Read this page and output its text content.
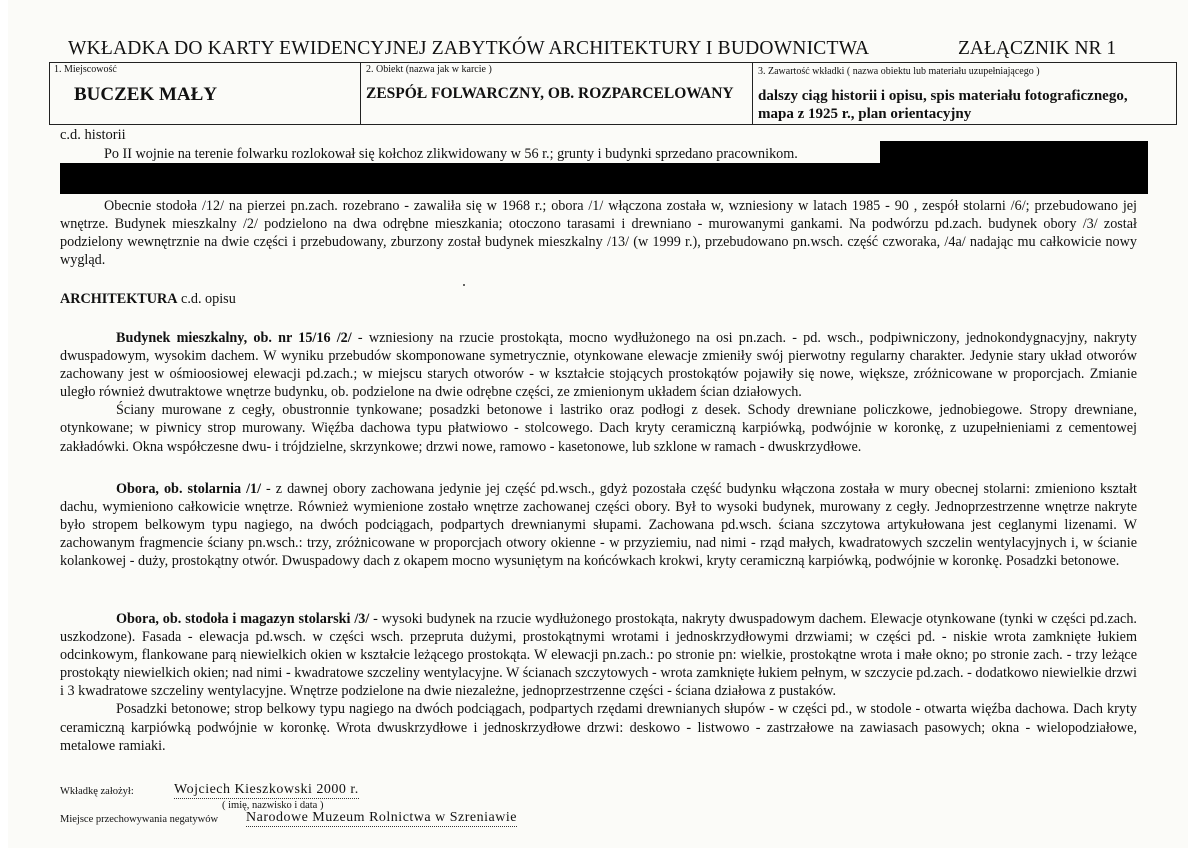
WKŁADKA DO KARTY EWIDENCYJNEJ ZABYTKÓW ARCHITEKTURY I BUDOWNICTWA	ZAŁĄCZNIK NR 1
1. Miejscowość
BUCZEK MAŁY
2. Obiekt (nazwa jak w karcie )
ZESPÓŁ FOLWARCZNY, OB. ROZPARCELOWANY
3. Zawartość wkładki ( nazwa obiektu lub materiału uzupełniającego )
dalszy ciąg historii i opisu, spis materiału fotograficznego,
mapa z 1925 r., plan orientacyjny
c.d. historii
Po II wojnie na terenie folwarku rozlokował się kołchoz zlikwidowany w 56 r.; grunty i budynki sprzedano pracownikom.
Obecnie stodoła /12/ na pierzei pn.zach. rozebrano - zawaliła się w 1968 r.; obora /1/ włączona została w, wzniesiony w latach 1985 - 90 , zespół stolarni /6/; przebudowano jej wnętrze. Budynek mieszkalny /2/ podzielono na dwa odrębne mieszkania; otoczono tarasami i drewniano - murowanymi gankami. Na podwórzu pd.zach. budynek obory /3/ został podzielony wewnętrznie na dwie części i przebudowany, zburzony został budynek mieszkalny /13/ (w 1999 r.), przebudowano pn.wsch. część czworaka, /4a/ nadając mu całkowicie nowy wygląd.
ARCHITEKTURA c.d. opisu

Budynek mieszkalny, ob. nr 15/16 /2/ - wzniesiony na rzucie prostokąta, mocno wydłużonego na osi pn.zach. - pd. wsch., podpiwniczony, jednokondygnacyjny, nakryty dwuspadowym, wysokim dachem. W wyniku przebudów skomponowane symetrycznie, otynkowane elewacje zmieniły swój pierwotny regularny charakter. Jedynie stary układ otworów zachowany jest w ośmioosiowej elewacji pd.zach.; w miejscu starych otworów - w kształcie stojących prostokątów pojawiły się nowe, większe, zróżnicowane w proporcjach. Zmianie uległo również dwutraktowe wnętrze budynku, ob. podzielone na dwie odrębne części, ze zmienionym układem ścian działowych.

Ściany murowane z cegły, obustronnie tynkowane; posadzki betonowe i lastriko oraz podłogi z desek. Schody drewniane policzkowe, jednobiegowe. Stropy drewniane, otynkowane; w piwnicy strop murowany. Więźba dachowa typu płatwiowo - stolcowego. Dach kryty ceramiczną karpiówką, podwójnie w koronkę, z uzupełnieniami z cementowej zakładówki. Okna współczesne dwu- i trójdzielne, skrzynkowe; drzwi nowe, ramowo - kasetonowe, lub szklone w ramach - dwuskrzydłowe.

Obora, ob. stolarnia /1/ - z dawnej obory zachowana jedynie jej część pd.wsch., gdyż pozostała część budynku włączona została w mury obecnej stolarni: zmieniono kształt dachu, wymieniono całkowicie wnętrze. Również wymienione zostało wnętrze zachowanej części obory. Był to wysoki budynek, murowany z cegły. Jednoprzestrzenne wnętrze nakryte było stropem belkowym typu nagiego, na dwóch podciągach, podpartych drewnianymi słupami. Zachowana pd.wsch. ściana szczytowa artykułowana jest ceglanymi lizenami. W zachowanym fragmencie ściany pn.wsch.: trzy, zróżnicowane w proporcjach otwory okienne - w przyziemiu, nad nimi - rząd małych, kwadratowych szczelin wentylacyjnych i, w ścianie kolankowej - duży, prostokątny otwór. Dwuspadowy dach z okapem mocno wysuniętym na końcówkach krokwi, kryty ceramiczną karpiówką, podwójnie w koronkę. Posadzki betonowe.

Obora, ob. stodoła i magazyn stolarski /3/ - wysoki budynek na rzucie wydłużonego prostokąta, nakryty dwuspadowym dachem. Elewacje otynkowane (tynki w części pd.zach. uszkodzone). Fasada - elewacja pd.wsch. w części wsch. przepruta dużymi, prostokątnymi wrotami i jednoskrzydłowymi drzwiami; w części pd. - niskie wrota zamknięte łukiem odcinkowym, flankowane parą niewielkich okien w kształcie leżącego prostokąta. W elewacji pn.zach.: po stronie pn: wielkie, prostokątne wrota i małe okno; po stronie zach. - trzy leżące prostokąty niewielkich okien; nad nimi - kwadratowe szczeliny wentylacyjne. W ścianach szczytowych - wrota zamknięte łukiem pełnym, w szczycie pd.zach. - dodatkowo niewielkie drzwi i 3 kwadratowe szczeliny wentylacyjne. Wnętrze podzielone na dwie niezależne, jednoprzestrzenne części - ściana działowa z pustaków.

Posadzki betonowe; strop belkowy typu nagiego na dwóch podciągach, podpartych rzędami drewnianych słupów - w części pd., w stodole - otwarta więźba dachowa. Dach kryty ceramiczną karpiówką podwójnie w koronkę. Wrota dwuskrzydłowe i jednoskrzydłowe drzwi: deskowo - listwowo - zastrzałowe na zawiasach pasowych; okna - wielopodziałowe, metalowe ramiaki.

Wkładkę założył:	Wojciech Kieszkowski 2000 r.
( imię, nazwisko i data )
Miejsce przechowywania negatywów Narodowe Muzeum Rolnictwa w Szreniawie
